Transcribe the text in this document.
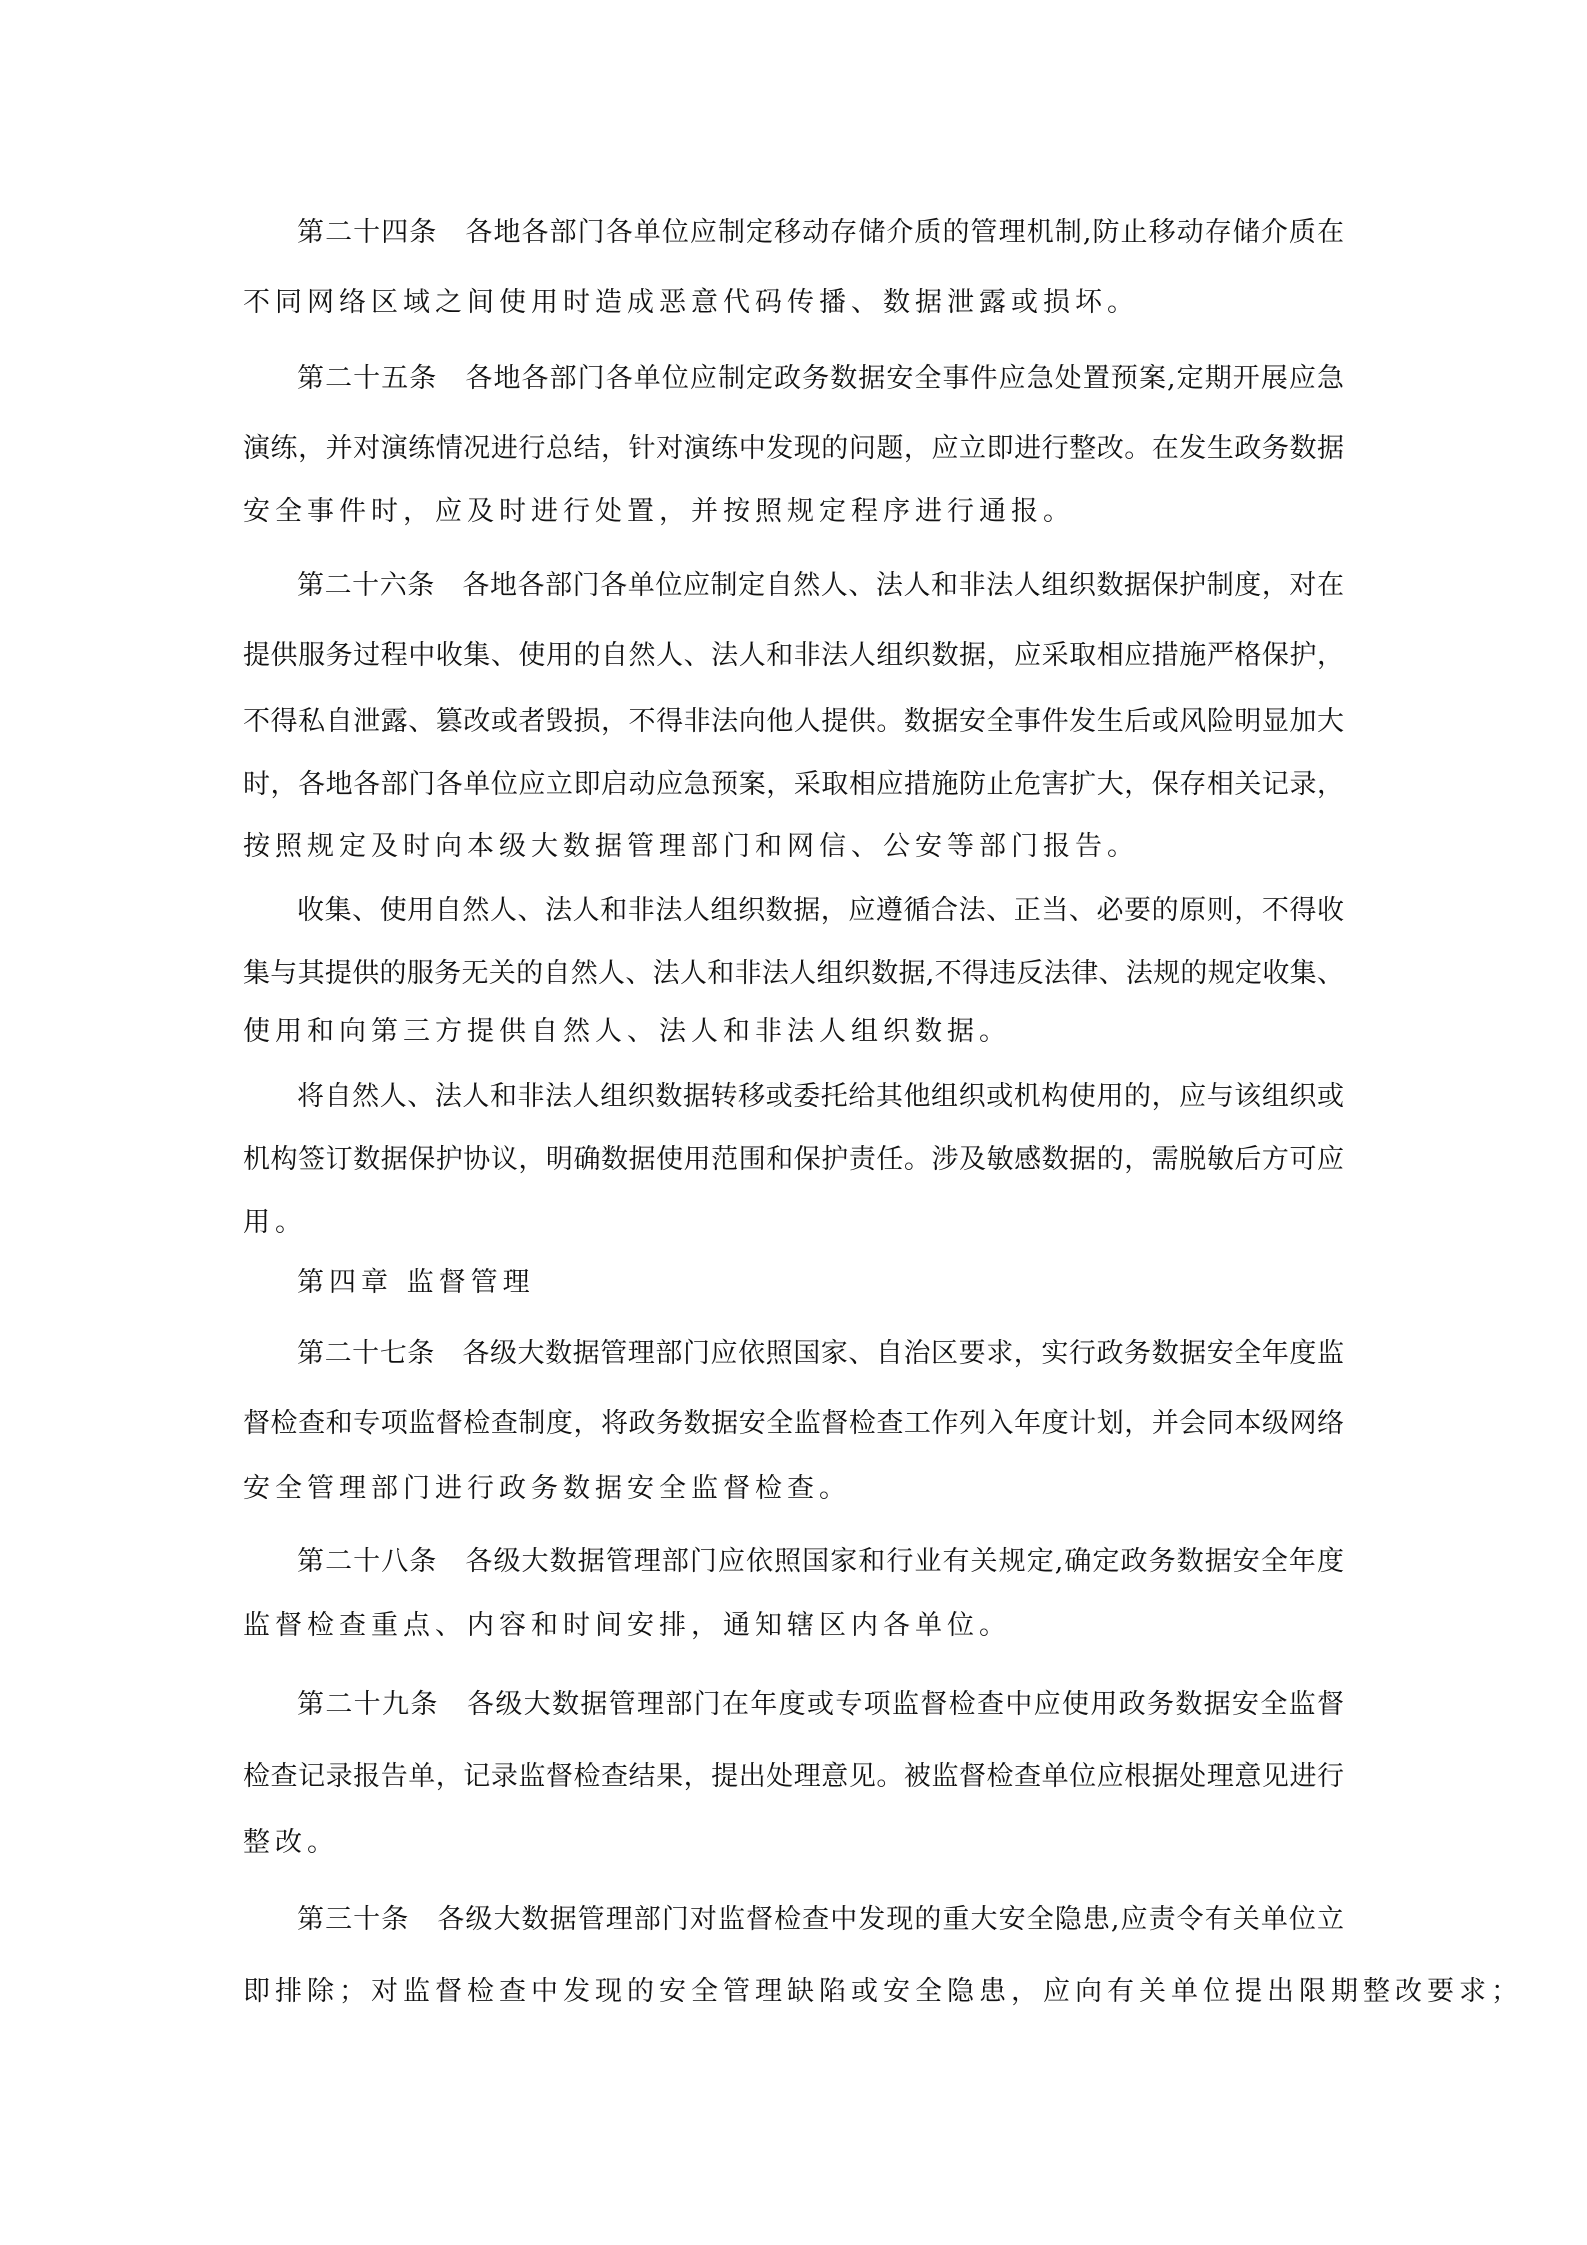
第二十四条　各地各部门各单位应制定移动存储介质的管理机制,防止移动存储介质在
不同网络区域之间使用时造成恶意代码传播、数据泄露或损坏。
第二十五条　各地各部门各单位应制定政务数据安全事件应急处置预案,定期开展应急
演练，并对演练情况进行总结，针对演练中发现的问题，应立即进行整改。在发生政务数据
安全事件时，应及时进行处置，并按照规定程序进行通报。
第二十六条　各地各部门各单位应制定自然人、法人和非法人组织数据保护制度，对在
提供服务过程中收集、使用的自然人、法人和非法人组织数据，应采取相应措施严格保护，
不得私自泄露、篡改或者毁损，不得非法向他人提供。数据安全事件发生后或风险明显加大
时，各地各部门各单位应立即启动应急预案，采取相应措施防止危害扩大，保存相关记录，
按照规定及时向本级大数据管理部门和网信、公安等部门报告。
收集、使用自然人、法人和非法人组织数据，应遵循合法、正当、必要的原则，不得收
集与其提供的服务无关的自然人、法人和非法人组织数据,不得违反法律、法规的规定收集、
使用和向第三方提供自然人、法人和非法人组织数据。
将自然人、法人和非法人组织数据转移或委托给其他组织或机构使用的，应与该组织或
机构签订数据保护协议，明确数据使用范围和保护责任。涉及敏感数据的，需脱敏后方可应
用。
第四章 监督管理
第二十七条　各级大数据管理部门应依照国家、自治区要求，实行政务数据安全年度监
督检查和专项监督检查制度，将政务数据安全监督检查工作列入年度计划，并会同本级网络
安全管理部门进行政务数据安全监督检查。
第二十八条　各级大数据管理部门应依照国家和行业有关规定,确定政务数据安全年度
监督检查重点、内容和时间安排，通知辖区内各单位。
第二十九条　各级大数据管理部门在年度或专项监督检查中应使用政务数据安全监督
检查记录报告单，记录监督检查结果，提出处理意见。被监督检查单位应根据处理意见进行
整改。
第三十条　各级大数据管理部门对监督检查中发现的重大安全隐患,应责令有关单位立
即排除；对监督检查中发现的安全管理缺陷或安全隐患，应向有关单位提出限期整改要求；
